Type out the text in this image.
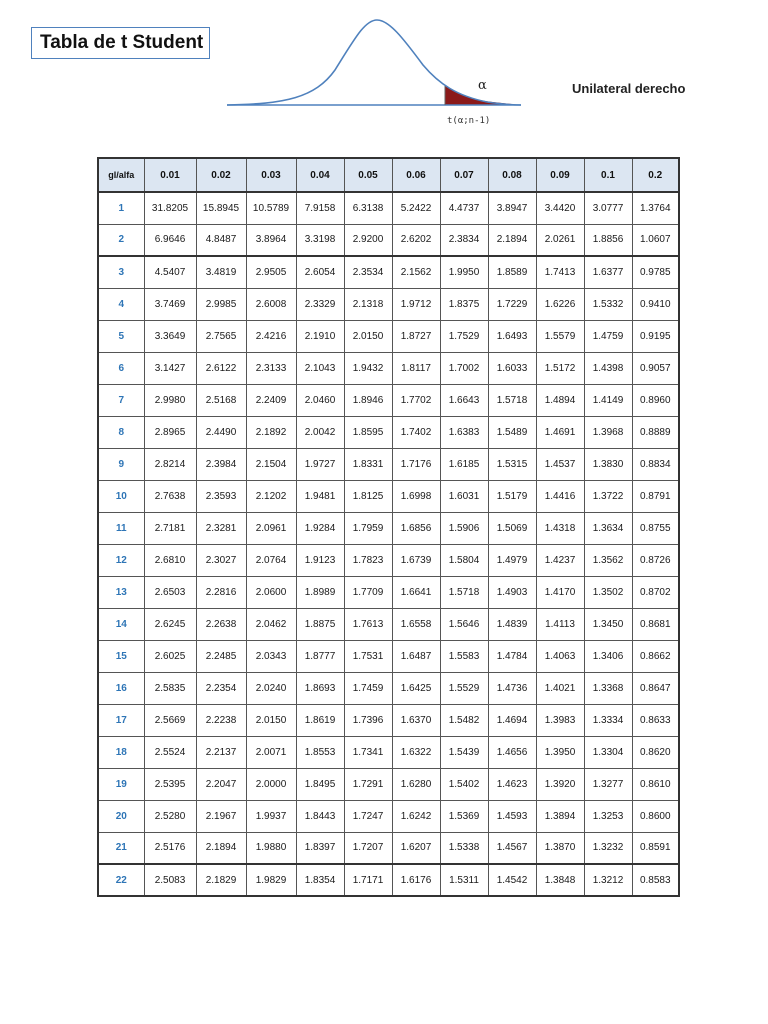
Tabla de t Student
α
t(α;n-1)
Unilateral derecho
gl/alfa	0.01	0.02	0.03	0.04	0.05	0.06	0.07	0.08	0.09	0.1	0.2
1	31.8205	15.8945	10.5789	7.9158	6.3138	5.2422	4.4737	3.8947	3.4420	3.0777	1.3764
2	6.9646	4.8487	3.8964	3.3198	2.9200	2.6202	2.3834	2.1894	2.0261	1.8856	1.0607
3	4.5407	3.4819	2.9505	2.6054	2.3534	2.1562	1.9950	1.8589	1.7413	1.6377	0.9785
4	3.7469	2.9985	2.6008	2.3329	2.1318	1.9712	1.8375	1.7229	1.6226	1.5332	0.9410
5	3.3649	2.7565	2.4216	2.1910	2.0150	1.8727	1.7529	1.6493	1.5579	1.4759	0.9195
6	3.1427	2.6122	2.3133	2.1043	1.9432	1.8117	1.7002	1.6033	1.5172	1.4398	0.9057
7	2.9980	2.5168	2.2409	2.0460	1.8946	1.7702	1.6643	1.5718	1.4894	1.4149	0.8960
8	2.8965	2.4490	2.1892	2.0042	1.8595	1.7402	1.6383	1.5489	1.4691	1.3968	0.8889
9	2.8214	2.3984	2.1504	1.9727	1.8331	1.7176	1.6185	1.5315	1.4537	1.3830	0.8834
10	2.7638	2.3593	2.1202	1.9481	1.8125	1.6998	1.6031	1.5179	1.4416	1.3722	0.8791
11	2.7181	2.3281	2.0961	1.9284	1.7959	1.6856	1.5906	1.5069	1.4318	1.3634	0.8755
12	2.6810	2.3027	2.0764	1.9123	1.7823	1.6739	1.5804	1.4979	1.4237	1.3562	0.8726
13	2.6503	2.2816	2.0600	1.8989	1.7709	1.6641	1.5718	1.4903	1.4170	1.3502	0.8702
14	2.6245	2.2638	2.0462	1.8875	1.7613	1.6558	1.5646	1.4839	1.4113	1.3450	0.8681
15	2.6025	2.2485	2.0343	1.8777	1.7531	1.6487	1.5583	1.4784	1.4063	1.3406	0.8662
16	2.5835	2.2354	2.0240	1.8693	1.7459	1.6425	1.5529	1.4736	1.4021	1.3368	0.8647
17	2.5669	2.2238	2.0150	1.8619	1.7396	1.6370	1.5482	1.4694	1.3983	1.3334	0.8633
18	2.5524	2.2137	2.0071	1.8553	1.7341	1.6322	1.5439	1.4656	1.3950	1.3304	0.8620
19	2.5395	2.2047	2.0000	1.8495	1.7291	1.6280	1.5402	1.4623	1.3920	1.3277	0.8610
20	2.5280	2.1967	1.9937	1.8443	1.7247	1.6242	1.5369	1.4593	1.3894	1.3253	0.8600
21	2.5176	2.1894	1.9880	1.8397	1.7207	1.6207	1.5338	1.4567	1.3870	1.3232	0.8591
22	2.5083	2.1829	1.9829	1.8354	1.7171	1.6176	1.5311	1.4542	1.3848	1.3212	0.8583
